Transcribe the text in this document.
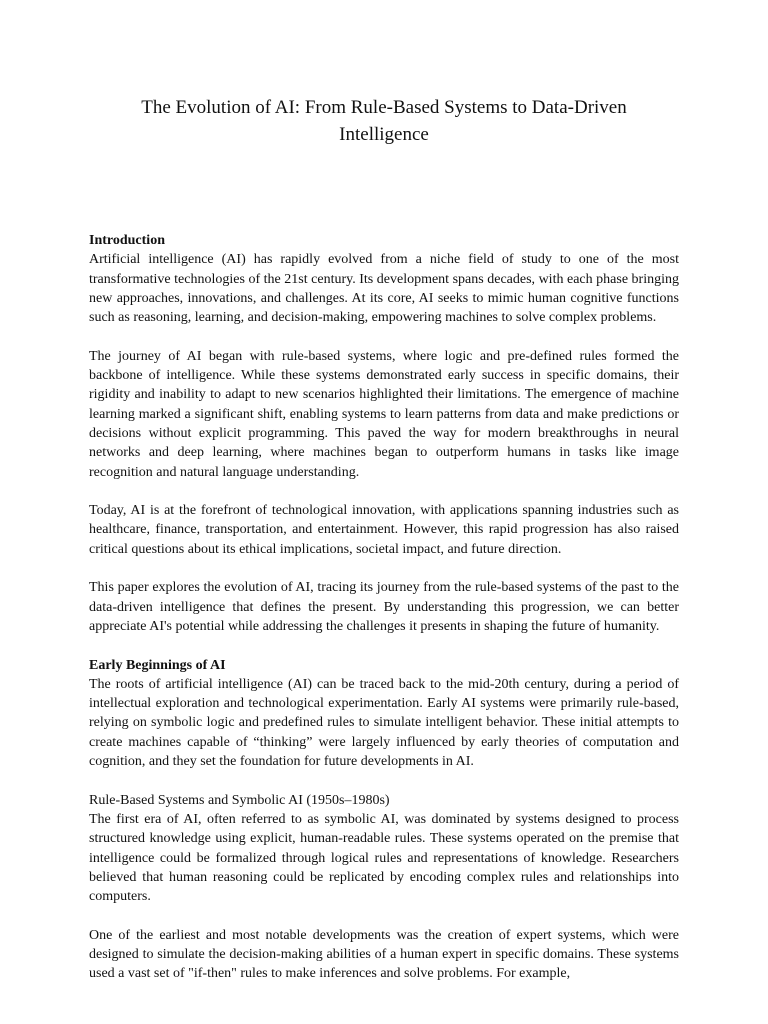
The Evolution of AI: From Rule-Based Systems to Data-Driven Intelligence
Introduction

Artificial intelligence (AI) has rapidly evolved from a niche field of study to one of the most transformative technologies of the 21st century. Its development spans decades, with each phase bringing new approaches, innovations, and challenges. At its core, AI seeks to mimic human cognitive functions such as reasoning, learning, and decision-making, empowering machines to solve complex problems.

The journey of AI began with rule-based systems, where logic and pre-defined rules formed the backbone of intelligence. While these systems demonstrated early success in specific domains, their rigidity and inability to adapt to new scenarios highlighted their limitations. The emergence of machine learning marked a significant shift, enabling systems to learn patterns from data and make predictions or decisions without explicit programming. This paved the way for modern breakthroughs in neural networks and deep learning, where machines began to outperform humans in tasks like image recognition and natural language understanding.

Today, AI is at the forefront of technological innovation, with applications spanning industries such as healthcare, finance, transportation, and entertainment. However, this rapid progression has also raised critical questions about its ethical implications, societal impact, and future direction.

This paper explores the evolution of AI, tracing its journey from the rule-based systems of the past to the data-driven intelligence that defines the present. By understanding this progression, we can better appreciate AI's potential while addressing the challenges it presents in shaping the future of humanity.

Early Beginnings of AI

The roots of artificial intelligence (AI) can be traced back to the mid-20th century, during a period of intellectual exploration and technological experimentation. Early AI systems were primarily rule-based, relying on symbolic logic and predefined rules to simulate intelligent behavior. These initial attempts to create machines capable of “thinking” were largely influenced by early theories of computation and cognition, and they set the foundation for future developments in AI.

Rule-Based Systems and Symbolic AI (1950s–1980s)

The first era of AI, often referred to as symbolic AI, was dominated by systems designed to process structured knowledge using explicit, human-readable rules. These systems operated on the premise that intelligence could be formalized through logical rules and representations of knowledge. Researchers believed that human reasoning could be replicated by encoding complex rules and relationships into computers.

One of the earliest and most notable developments was the creation of expert systems, which were designed to simulate the decision-making abilities of a human expert in specific domains. These systems used a vast set of "if-then" rules to make inferences and solve problems. For example,
